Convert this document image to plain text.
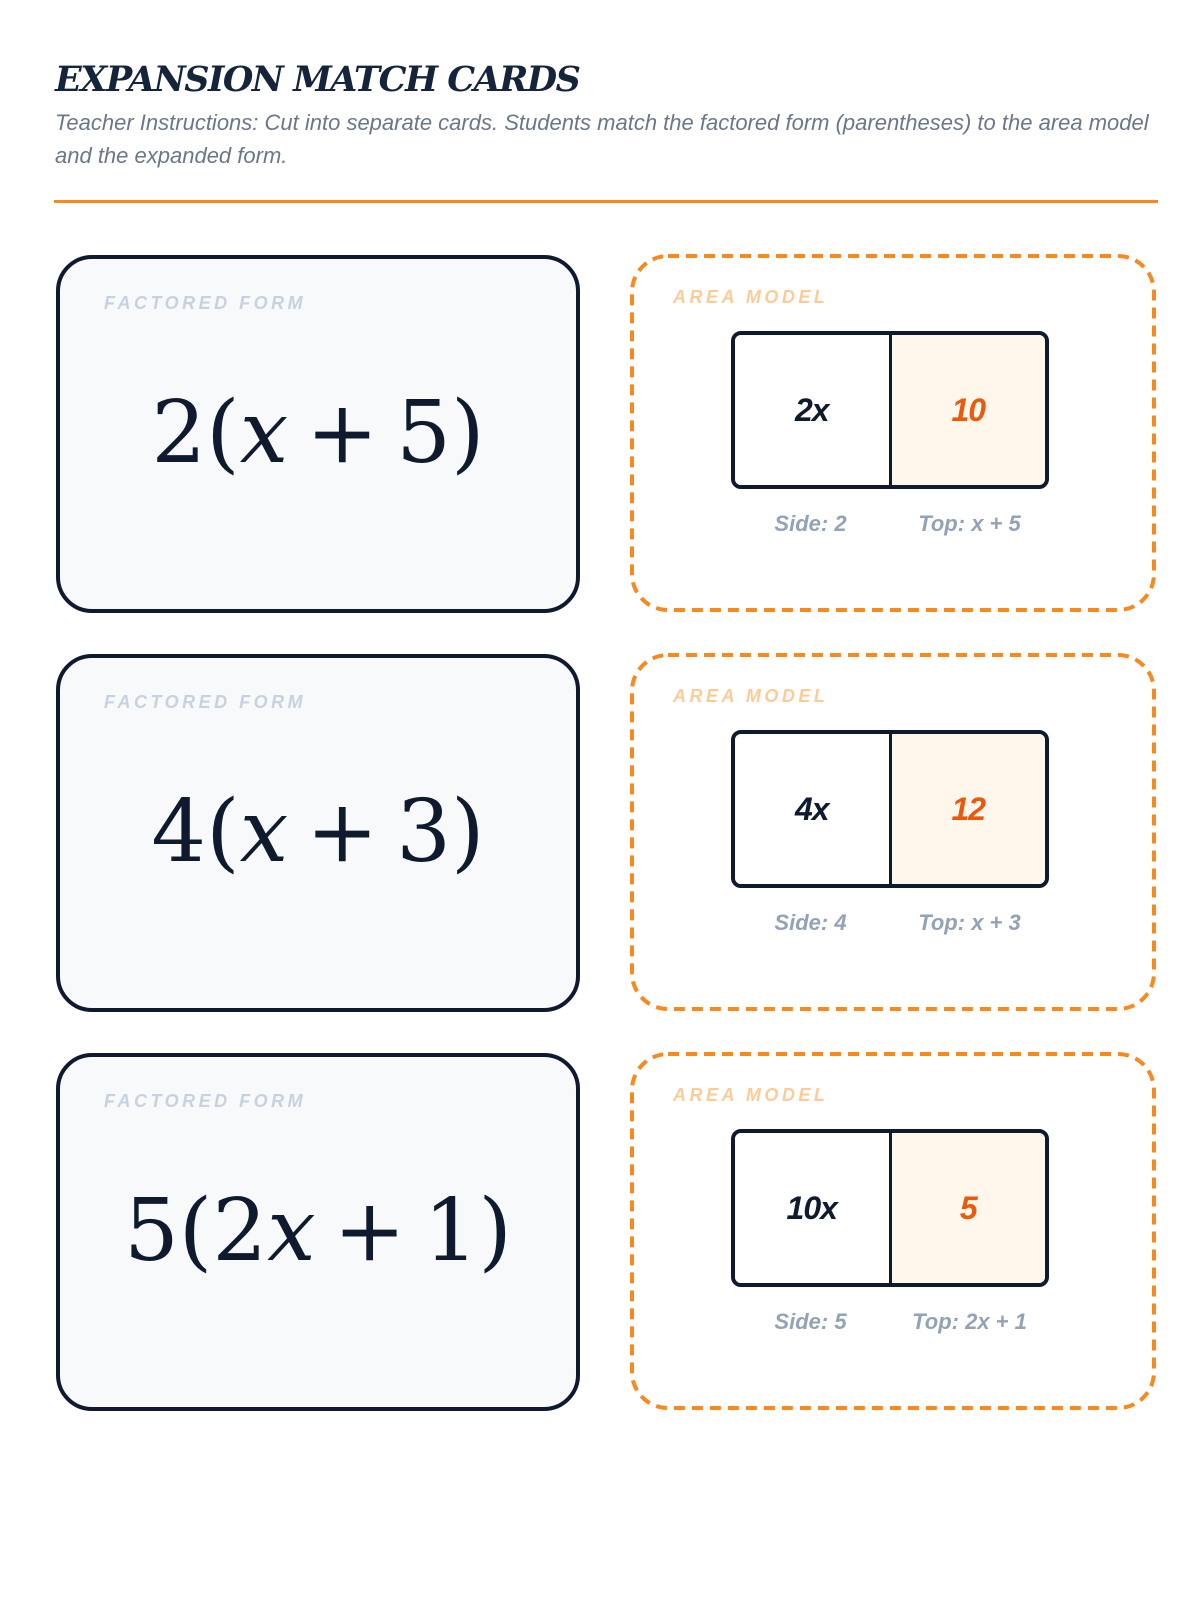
EXPANSION MATCH CARDS
Teacher Instructions: Cut into separate cards. Students match the factored form (parentheses) to the area model and the expanded form.
FACTORED FORM
2(x + 5)
AREA MODEL
2x	10
Side: 2	Top: x + 5
FACTORED FORM
4(x + 3)
AREA MODEL
4x	12
Side: 4	Top: x + 3
FACTORED FORM
5(2x + 1)
AREA MODEL
10x	5
Side: 5	Top: 2x + 1
